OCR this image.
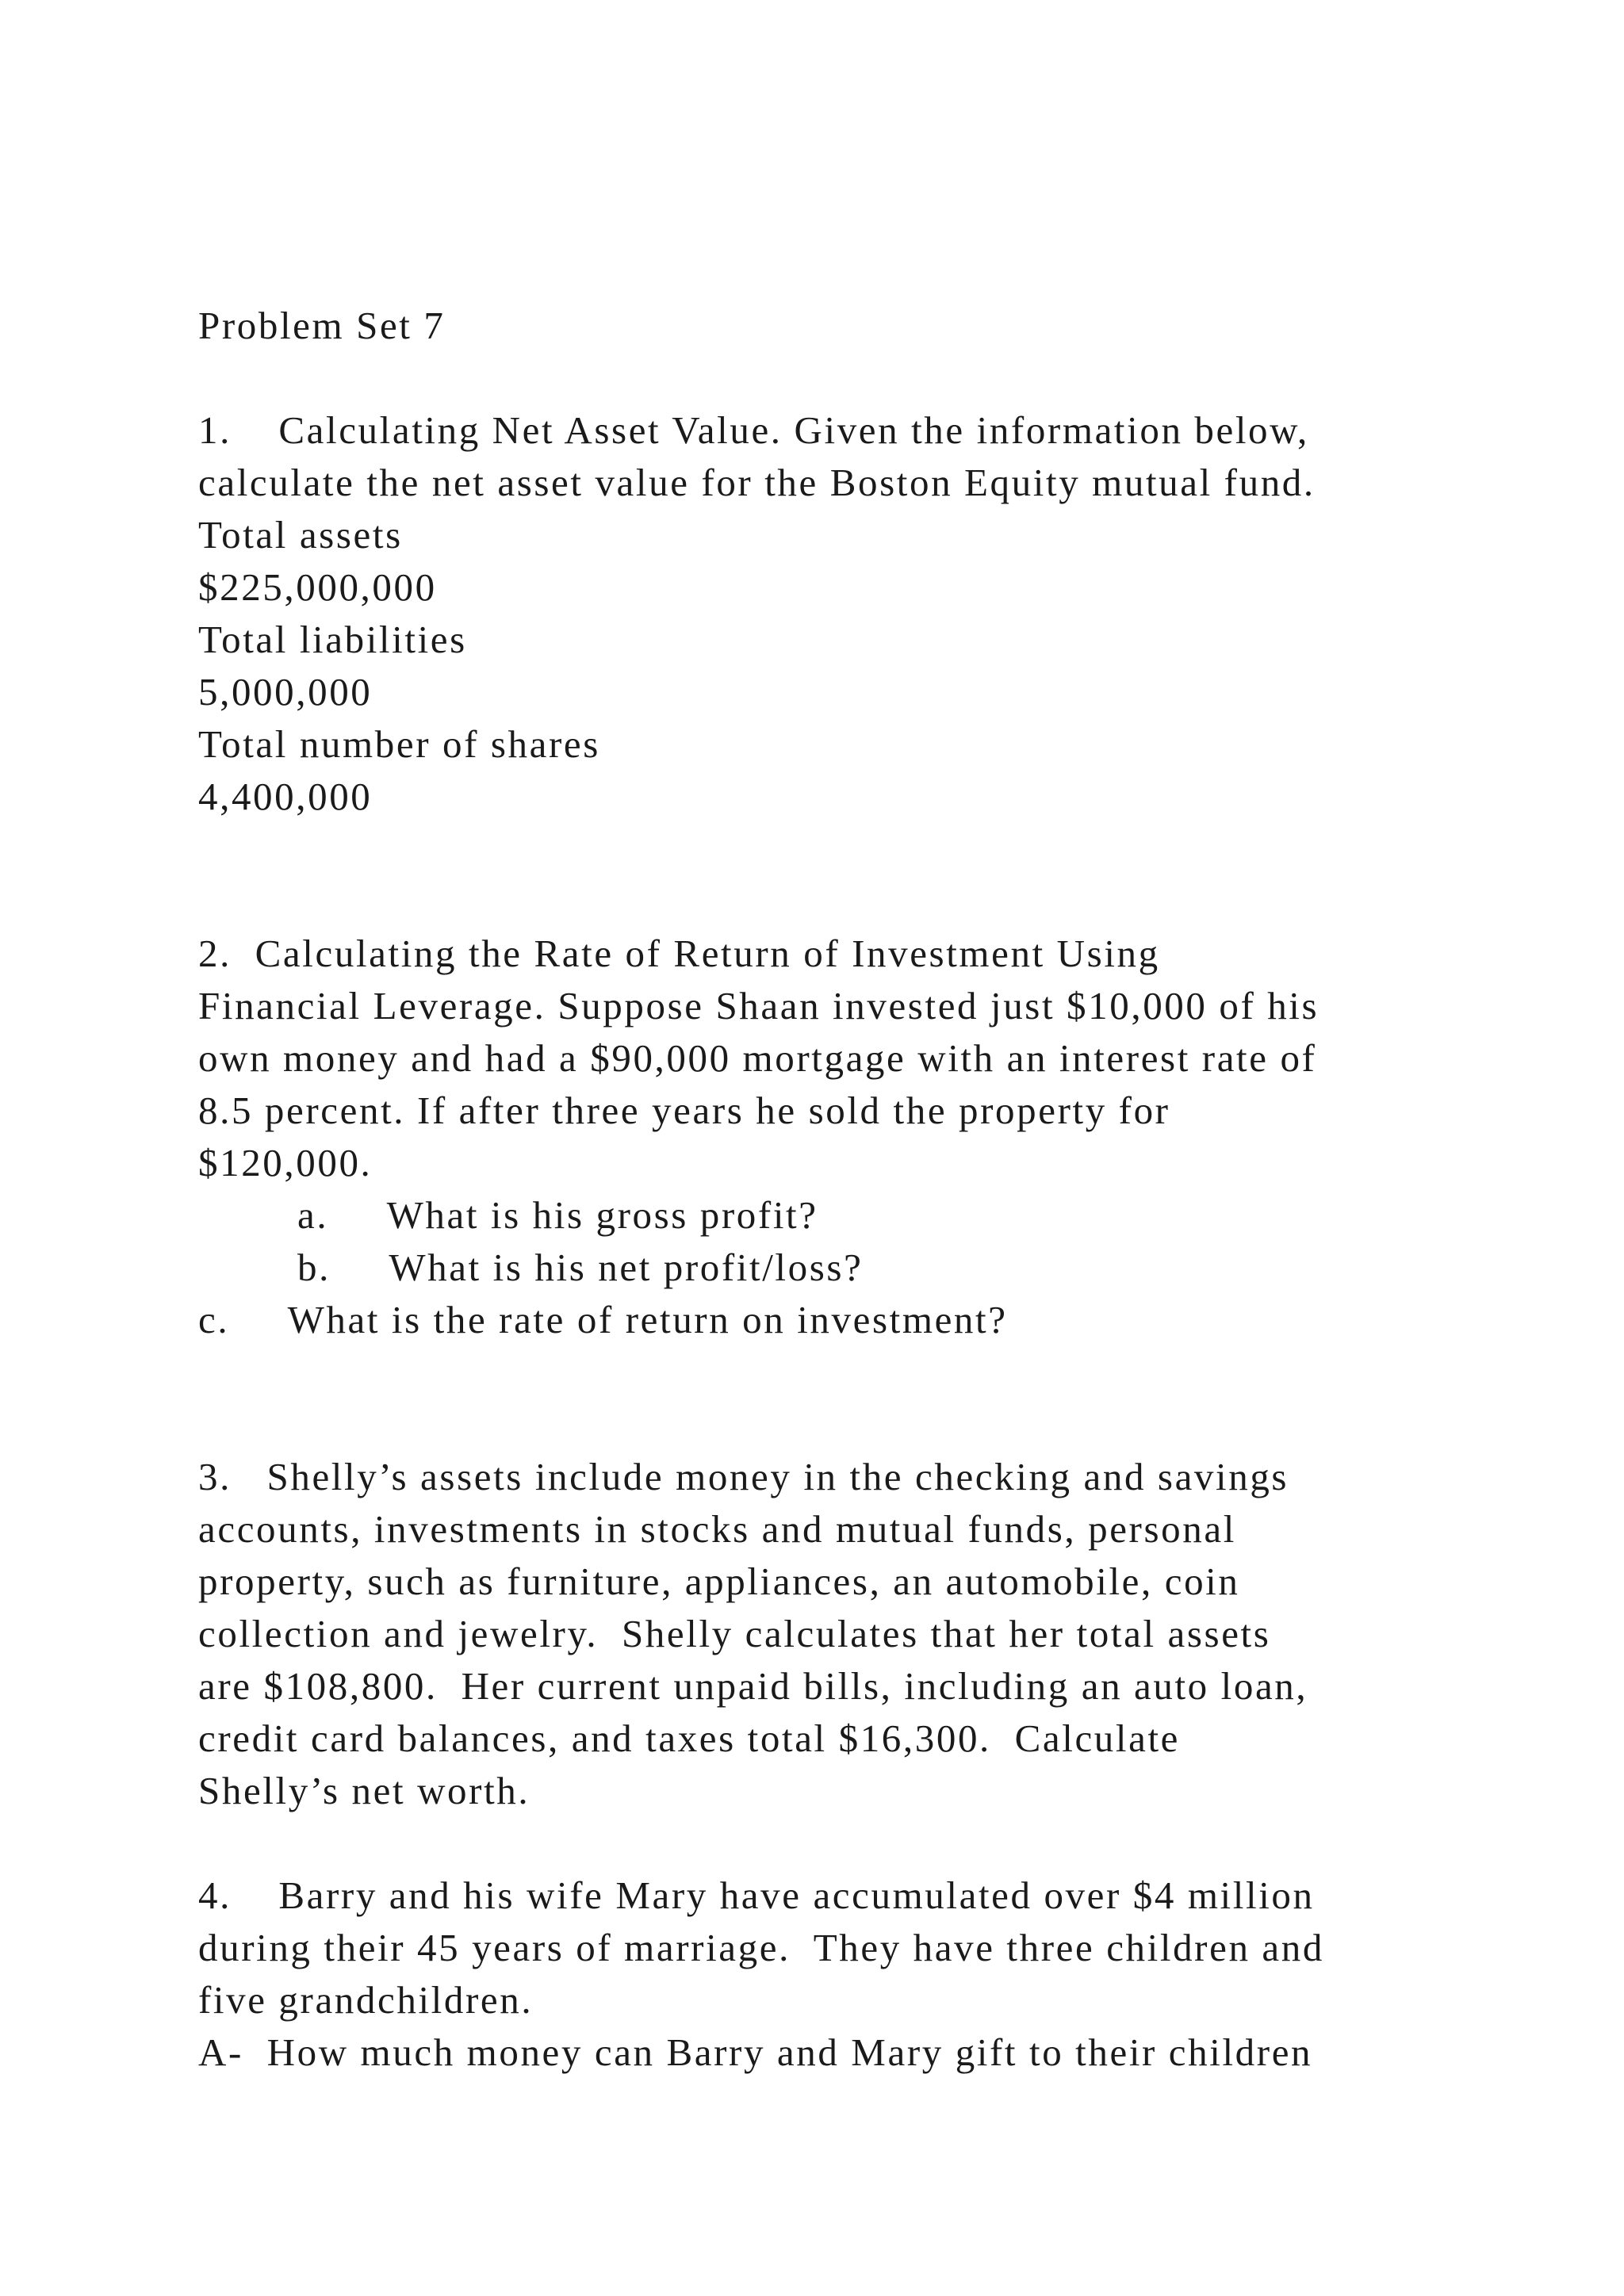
Problem Set 7
1.    Calculating Net Asset Value. Given the information below,
calculate the net asset value for the Boston Equity mutual fund.
Total assets
$225,000,000
Total liabilities
5,000,000
Total number of shares
4,400,000
2.  Calculating the Rate of Return of Investment Using
Financial Leverage. Suppose Shaan invested just $10,000 of his
own money and had a $90,000 mortgage with an interest rate of
8.5 percent. If after three years he sold the property for
$120,000.
a.     What is his gross profit?
b.     What is his net profit/loss?
c.     What is the rate of return on investment?
3.   Shelly’s assets include money in the checking and savings
accounts, investments in stocks and mutual funds, personal
property, such as furniture, appliances, an automobile, coin
collection and jewelry.  Shelly calculates that her total assets
are $108,800.  Her current unpaid bills, including an auto loan,
credit card balances, and taxes total $16,300.  Calculate
Shelly’s net worth.
4.    Barry and his wife Mary have accumulated over $4 million
during their 45 years of marriage.  They have three children and
five grandchildren.
A-  How much money can Barry and Mary gift to their children
